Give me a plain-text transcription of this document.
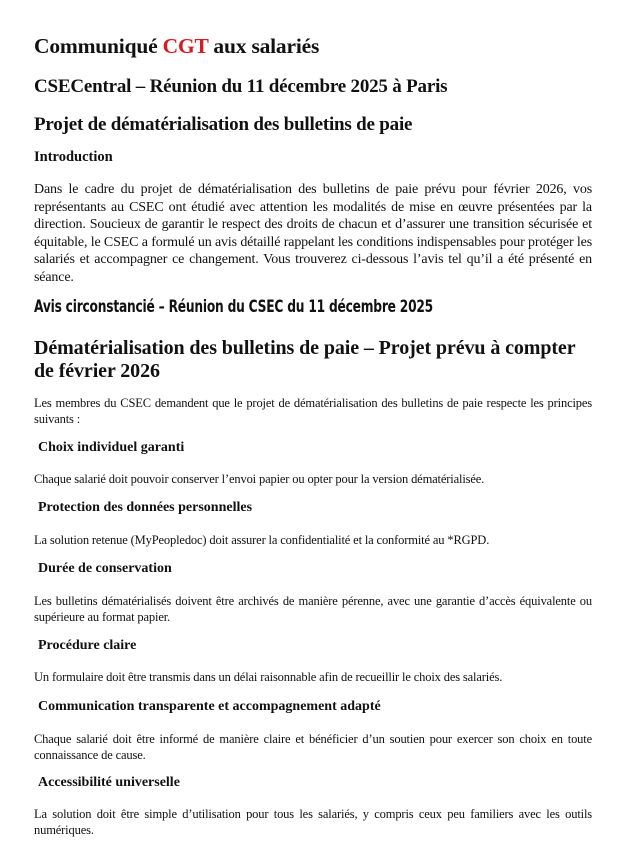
Communiqué CGT aux salariés
CSECentral – Réunion du 11 décembre 2025 à Paris
Projet de dématérialisation des bulletins de paie
Introduction
Dans le cadre du projet de dématérialisation des bulletins de paie prévu pour février 2026, vos représentants au CSEC ont étudié avec attention les modalités de mise en œuvre présentées par la direction. Soucieux de garantir le respect des droits de chacun et d’assurer une transition sécurisée et équitable, le CSEC a formulé un avis détaillé rappelant les conditions indispensables pour protéger les salariés et accompagner ce changement. Vous trouverez ci-dessous l’avis tel qu’il a été présenté en séance.
Avis circonstancié – Réunion du CSEC du 11 décembre 2025
Dématérialisation des bulletins de paie – Projet prévu à compter de février 2026
Les membres du CSEC demandent que le projet de dématérialisation des bulletins de paie respecte les principes suivants :
Choix individuel garanti
Chaque salarié doit pouvoir conserver l’envoi papier ou opter pour la version dématérialisée.
Protection des données personnelles
La solution retenue (MyPeopledoc) doit assurer la confidentialité et la conformité au *RGPD.
Durée de conservation
Les bulletins dématérialisés doivent être archivés de manière pérenne, avec une garantie d’accès équivalente ou supérieure au format papier.
Procédure claire
Un formulaire doit être transmis dans un délai raisonnable afin de recueillir le choix des salariés.
Communication transparente et accompagnement adapté
Chaque salarié doit être informé de manière claire et bénéficier d’un soutien pour exercer son choix en toute connaissance de cause.
Accessibilité universelle
La solution doit être simple d’utilisation pour tous les salariés, y compris ceux peu familiers avec les outils numériques.
